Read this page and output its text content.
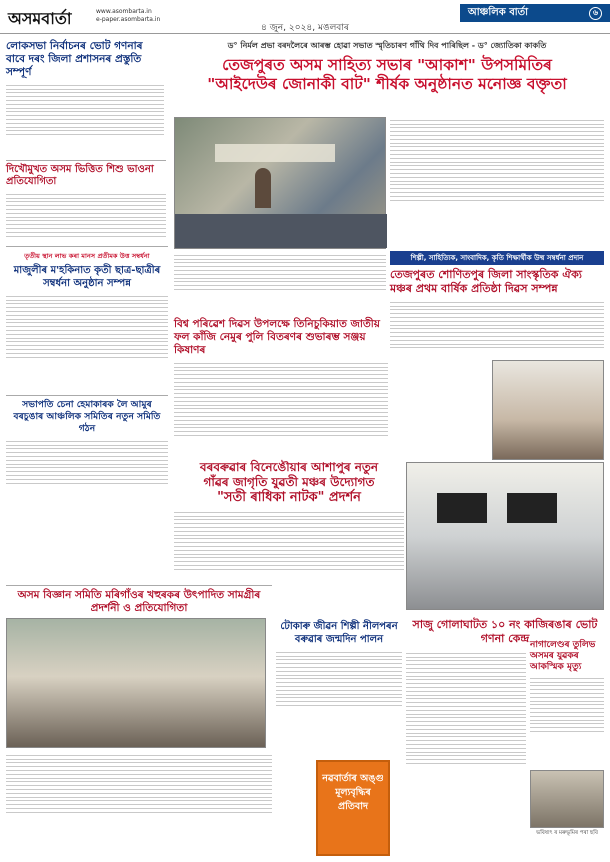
অসমবাৰ্তা	www.asombarta.in
e-paper.asombarta.in
আঞ্চলিক বাৰ্তা	৬
৪ জুন, ২০২৪, মঙলবাৰ
লোকসভা নিৰ্বাচনৰ ভোট গণনাৰ বাবে দৰং জিলা প্ৰশাসনৰ প্ৰস্তুতি সম্পূৰ্ণ
দিখৌমুখত অসম ভিত্তিত শিশু ভাওনা প্ৰতিযোগিতা
ড° নিৰ্মল প্ৰভা বৰদলৈৰে আৰম্ভ হোৱা সভাত স্মৃতিচাৰণ গাঁথি দিব পাৰিছিল - ড° জ্যোতিকা কাকতি
তেজপুৰত অসম সাহিত্য সভাৰ "আকাশ" উপসমিতিৰ
"আইদেউৰ জোনাকী বাট" শীৰ্ষক অনুষ্ঠানত মনোজ্ঞ বক্তৃতা
শিল্পী, সাহিত্যিক, সাংবাদিক, কৃতি শিক্ষাৰ্থীক উষ্ম সম্বৰ্ধনা প্ৰদান
তেজপুৰত শোণিতপুৰ জিলা সাংস্কৃতিক ঐক্য মঞ্চৰ প্ৰথম বাৰ্ষিক প্ৰতিষ্ঠা দিৱস সম্পন্ন
তৃতীয় স্থান লাভ কৰা মানস প্ৰতীমক উত্ত সম্বৰ্ধনা
মাজুলীৰ ম'হকিনাত কৃতী ছাত্ৰ-ছাত্ৰীৰ সম্বৰ্ধনা অনুষ্ঠান সম্পন্ন
বিশ্ব পৰিৱেশ দিৱস উপলক্ষে তিনিচুকিয়াত জাতীয় ফল কাঁজি নেমুৰ পুলি বিতৰণৰ শুভাৰম্ভ সঞ্জয় কিষাণৰ
সভাপতি চেনা হেমাকাৰক লৈ আমুৰ বৰচুঙাৰ আঞ্চলিক সমিতিৰ নতুন সমিতি গঠন
বৰবৰুৱাৰ বিনেঙৌয়াৰ আশাপুৰ নতুন
গাঁৱৰ জাগৃতি যুৱতী মঞ্চৰ উদ্যোগত
"সতী ৰাধিকা নাটক" প্ৰদৰ্শন
সাজু গোলাঘাটত ১০ নং কাজিৰঙাৰ ভোট গণনা কেন্দ্ৰ নাগালেণ্ডৰ তুলিভ অসমৰ যুৱকৰ আকস্মিক মৃত্যু
অসম বিজ্ঞান সমিতি মৰিগাঁওৰ খহুৰকৰ উৎপাদিত সামগ্ৰীৰ প্ৰদৰ্শনী ও প্ৰতিযোগিতা
টোকাৰু জীৱন শিল্পী নীলপৰন বৰুৱাৰ জন্মদিন পালন
নৱবাৰ্তাৰ অঙ্গু মূল্যবৃদ্ধিৰ প্ৰতিবাদ
ভবিষ্যৎ ৰ মৰুভূমিৰ পৰা ছবি
